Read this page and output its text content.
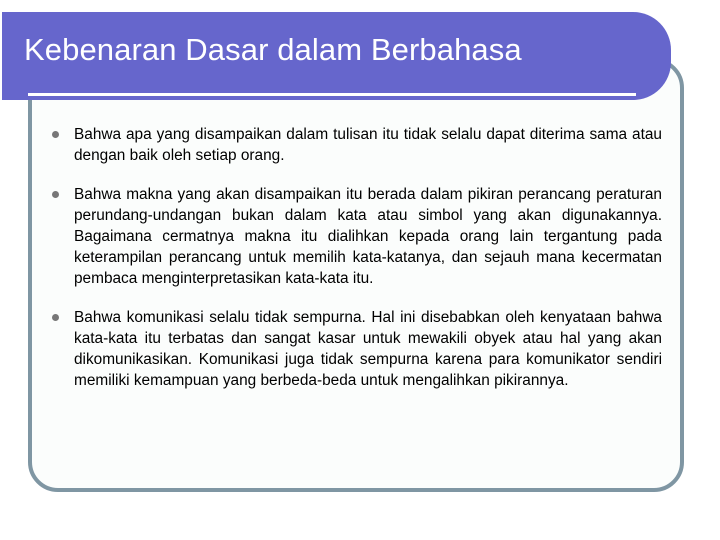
Kebenaran Dasar dalam Berbahasa
Bahwa apa yang disampaikan dalam tulisan itu tidak selalu dapat diterima sama atau dengan baik oleh setiap orang.
Bahwa makna yang akan disampaikan itu berada dalam pikiran perancang peraturan perundang-undangan bukan dalam kata atau simbol yang akan digunakannya. Bagaimana cermatnya makna itu dialihkan kepada orang lain tergantung pada keterampilan perancang untuk memilih kata-katanya, dan sejauh mana kecermatan pembaca menginterpretasikan kata-kata itu.
Bahwa komunikasi selalu tidak sempurna. Hal ini disebabkan oleh kenyataan bahwa kata-kata itu terbatas dan sangat kasar untuk mewakili obyek atau hal yang akan dikomunikasikan. Komunikasi juga tidak sempurna karena para komunikator sendiri memiliki kemampuan yang berbeda-beda untuk mengalihkan pikirannya.
